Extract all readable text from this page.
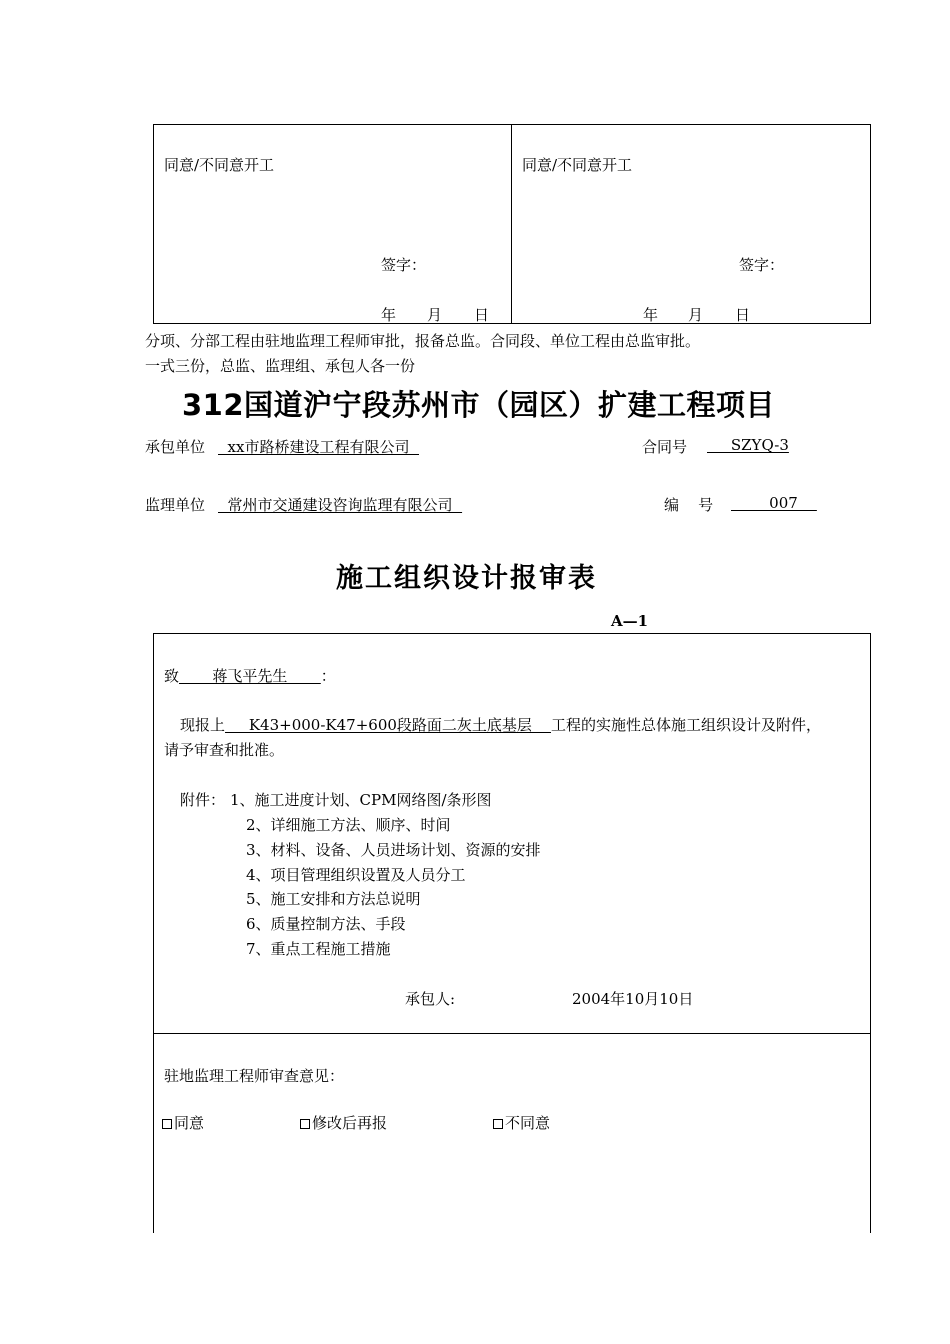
同意/不同意开工
签字：
年 月 日
同意/不同意开工
签字：
年 月 日
分项、分部工程由驻地监理工程师审批，报备总监。合同段、单位工程由总监审批。
一式三份，总监、监理组、承包人各一份
312国道沪宁段苏州市（园区）扩建工程项目
承包单位 xx市路桥建设工程有限公司	合同号 SZYQ-3
监理单位 常州市交通建设咨询监理有限公司	编    号 007
施工组织设计报审表
A—1
致       蒋飞平先生       ：
现报上     K43+000-K47+600段路面二灰土底基层    工程的实施性总体施工组织设计及附件，
请予审查和批准。
附件： 1、施工进度计划、CPM网络图/条形图
2、详细施工方法、顺序、时间
3、材料、设备、人员进场计划、资源的安排
4、项目管理组织设置及人员分工
5、施工安排和方法总说明
6、质量控制方法、手段
7、重点工程施工措施
承包人:	2004年10月10日
驻地监理工程师审查意见：
同意	修改后再报	不同意
